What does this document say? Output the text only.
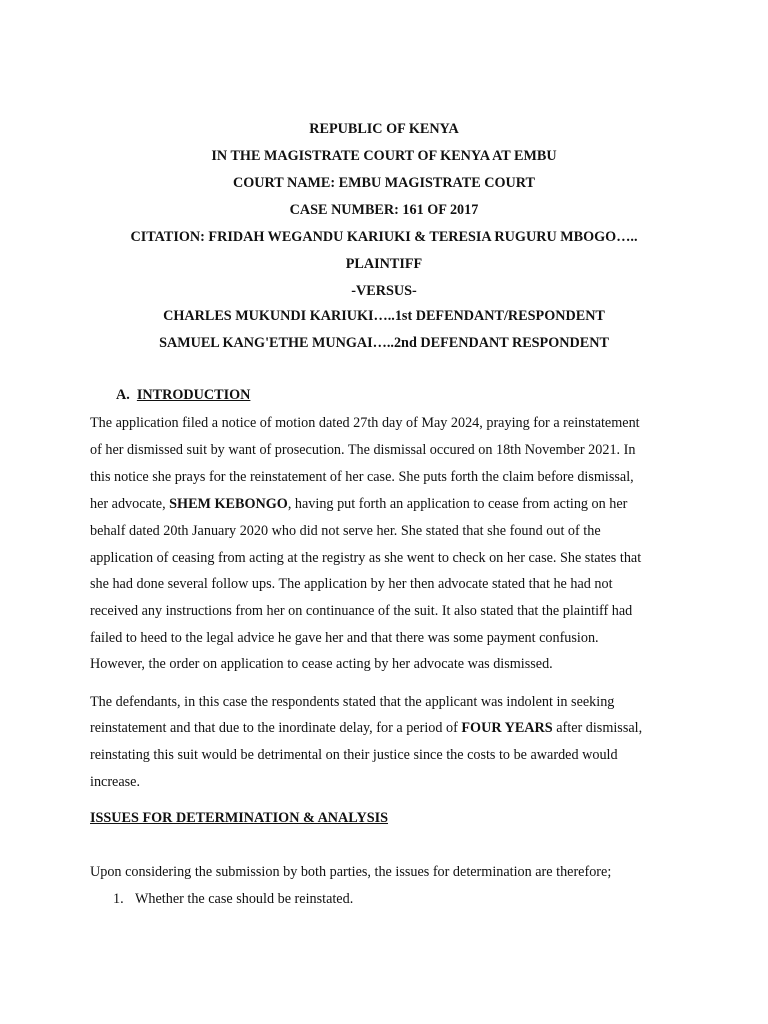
REPUBLIC OF KENYA
IN THE MAGISTRATE COURT OF KENYA AT EMBU
COURT NAME: EMBU MAGISTRATE COURT
CASE NUMBER: 161 OF 2017
CITATION: FRIDAH WEGANDU KARIUKI & TERESIA RUGURU MBOGO…..
PLAINTIFF
-VERSUS-
CHARLES MUKUNDI KARIUKI…..1st DEFENDANT/RESPONDENT
SAMUEL KANG'ETHE MUNGAI…..2nd DEFENDANT RESPONDENT
A. INTRODUCTION
The application filed a notice of motion dated 27th day of May 2024, praying for a reinstatement
of her dismissed suit by want of prosecution. The dismissal occured on 18th November 2021. In
this notice she prays for the reinstatement of her case. She puts forth the claim before dismissal,
her advocate, SHEM KEBONGO, having put forth an application to cease from acting on her
behalf dated 20th January 2020 who did not serve her. She stated that she found out of the
application of ceasing from acting at the registry as she went to check on her case. She states that
she had done several follow ups. The application by her then advocate stated that he had not
received any instructions from her on continuance of the suit. It also stated that the plaintiff had
failed to heed to the legal advice he gave her and that there was some payment confusion.
However, the order on application to cease acting by her advocate was dismissed.
The defendants, in this case the respondents stated that the applicant was indolent in seeking
reinstatement and that due to the inordinate delay, for a period of FOUR YEARS after dismissal,
reinstating this suit would be detrimental on their justice since the costs to be awarded would
increase.
ISSUES FOR DETERMINATION & ANALYSIS
Upon considering the submission by both parties, the issues for determination are therefore;
1. Whether the case should be reinstated.
